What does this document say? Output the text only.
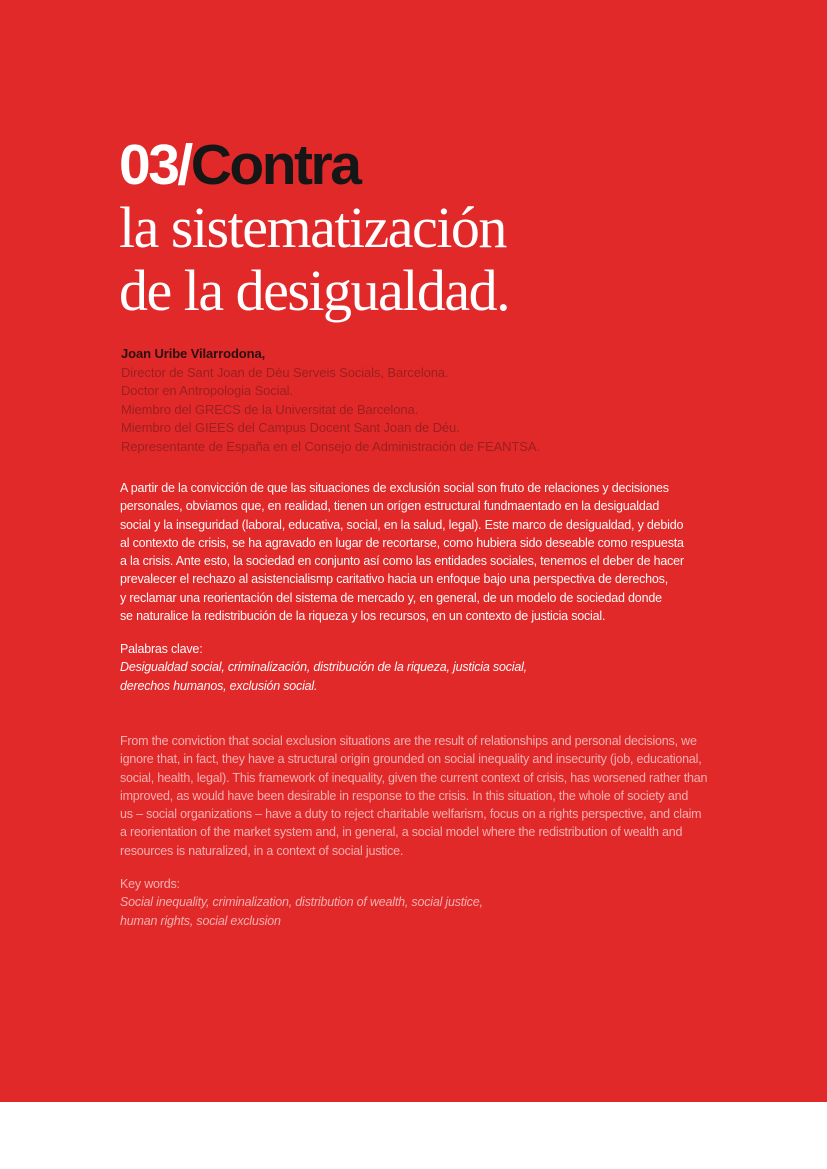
03/Contra
la sistematización
de la desigualdad.
Joan Uribe Vilarrodona,
Director de Sant Joan de Déu Serveis Socials, Barcelona.
Doctor en Antropologia Social.
Miembro del GRECS de la Universitat de Barcelona.
Miembro del GIEES del Campus Docent Sant Joan de Déu.
Representante de España en el Consejo de Administración de FEANTSA.
A partir de la convicción de que las situaciones de exclusión social son fruto de relaciones y decisiones
personales, obviamos que, en realidad, tienen un orígen estructural fundmaentado en la desigualdad
social y la inseguridad (laboral, educativa, social, en la salud, legal). Este marco de desigualdad, y debido
al contexto de crisis, se ha agravado en lugar de recortarse, como hubiera sido deseable como respuesta
a la crisis. Ante esto, la sociedad en conjunto así como las entidades sociales, tenemos el deber de hacer
prevalecer el rechazo al asistencialismp caritativo hacia un enfoque bajo una perspectiva de derechos,
y reclamar una reorientación del sistema de mercado y, en general, de un modelo de sociedad donde
se naturalice la redistribución de la riqueza y los recursos, en un contexto de justicia social.
Palabras clave:
Desigualdad social, criminalización, distribución de la riqueza, justicia social,
derechos humanos, exclusión social.
From the conviction that social exclusion situations are the result of relationships and personal decisions, we
ignore that, in fact, they have a structural origin grounded on social inequality and insecurity (job, educational,
social, health, legal). This framework of inequality, given the current context of crisis, has worsened rather than
improved, as would have been desirable in response to the crisis. In this situation, the whole of society and
us – social organizations – have a duty to reject charitable welfarism, focus on a rights perspective, and claim
a reorientation of the market system and, in general, a social model where the redistribution of wealth and
resources is naturalized, in a context of social justice.
Key words:
Social inequality, criminalization, distribution of wealth, social justice,
human rights, social exclusion
